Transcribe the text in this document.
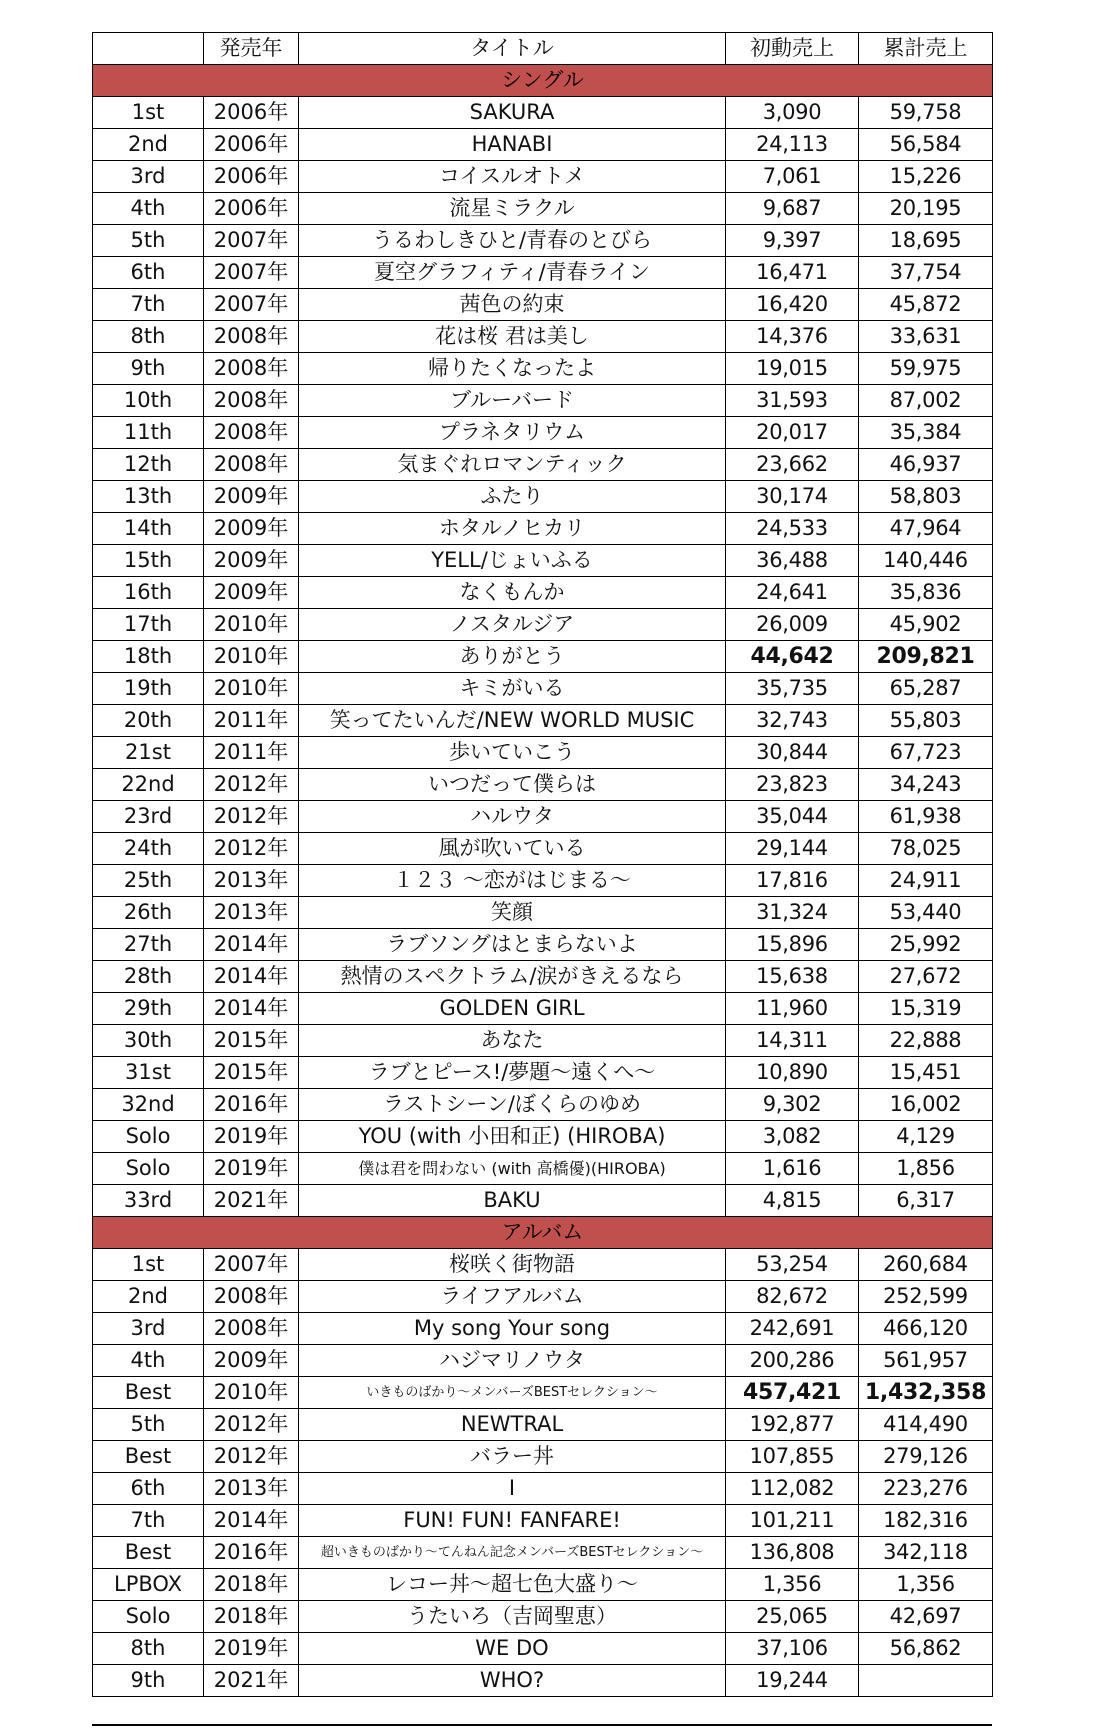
	発売年	タイトル	初動売上	累計売上
シングル				
1st	2006年	SAKURA	3,090	59,758
2nd	2006年	HANABI	24,113	56,584
3rd	2006年	コイスルオトメ	7,061	15,226
4th	2006年	流星ミラクル	9,687	20,195
5th	2007年	うるわしきひと/青春のとびら	9,397	18,695
6th	2007年	夏空グラフィティ/青春ライン	16,471	37,754
7th	2007年	茜色の約束	16,420	45,872
8th	2008年	花は桜 君は美し	14,376	33,631
9th	2008年	帰りたくなったよ	19,015	59,975
10th	2008年	ブルーバード	31,593	87,002
11th	2008年	プラネタリウム	20,017	35,384
12th	2008年	気まぐれロマンティック	23,662	46,937
13th	2009年	ふたり	30,174	58,803
14th	2009年	ホタルノヒカリ	24,533	47,964
15th	2009年	YELL/じょいふる	36,488	140,446
16th	2009年	なくもんか	24,641	35,836
17th	2010年	ノスタルジア	26,009	45,902
18th	2010年	ありがとう	44,642	209,821
19th	2010年	キミがいる	35,735	65,287
20th	2011年	笑ってたいんだ/NEW WORLD MUSIC	32,743	55,803
21st	2011年	歩いていこう	30,844	67,723
22nd	2012年	いつだって僕らは	23,823	34,243
23rd	2012年	ハルウタ	35,044	61,938
24th	2012年	風が吹いている	29,144	78,025
25th	2013年	１２３ 〜恋がはじまる〜	17,816	24,911
26th	2013年	笑顔	31,324	53,440
27th	2014年	ラブソングはとまらないよ	15,896	25,992
28th	2014年	熱情のスペクトラム/涙がきえるなら	15,638	27,672
29th	2014年	GOLDEN GIRL	11,960	15,319
30th	2015年	あなた	14,311	22,888
31st	2015年	ラブとピース!/夢題〜遠くへ〜	10,890	15,451
32nd	2016年	ラストシーン/ぼくらのゆめ	9,302	16,002
Solo	2019年	YOU (with 小田和正) (HIROBA)	3,082	4,129
Solo	2019年	僕は君を問わない (with 高橋優)(HIROBA)	1,616	1,856
33rd	2021年	BAKU	4,815	6,317
アルバム				
1st	2007年	桜咲く街物語	53,254	260,684
2nd	2008年	ライフアルバム	82,672	252,599
3rd	2008年	My song Your song	242,691	466,120
4th	2009年	ハジマリノウタ	200,286	561,957
Best	2010年	いきものばかり〜メンバーズBESTセレクション〜	457,421	1,432,358
5th	2012年	NEWTRAL	192,877	414,490
Best	2012年	バラー丼	107,855	279,126
6th	2013年	I	112,082	223,276
7th	2014年	FUN! FUN! FANFARE!	101,211	182,316
Best	2016年	超いきものばかり〜てんねん記念メンバーズBESTセレクション〜	136,808	342,118
LPBOX	2018年	レコー丼〜超七色大盛り〜	1,356	1,356
Solo	2018年	うたいろ（吉岡聖恵）	25,065	42,697
8th	2019年	WE DO	37,106	56,862
9th	2021年	WHO?	19,244	
